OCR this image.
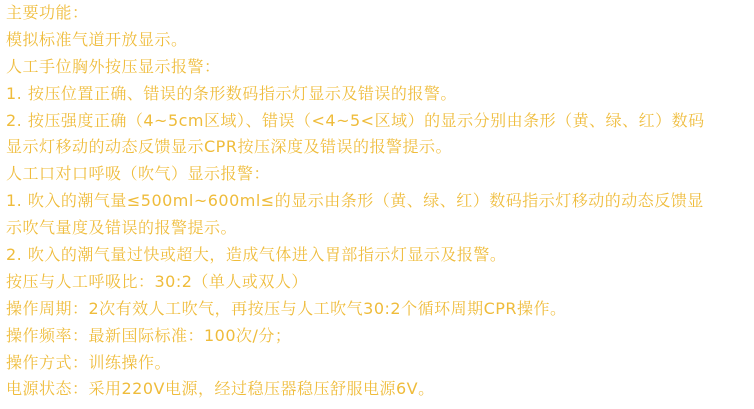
主要功能：
模拟标准气道开放显示。
人工手位胸外按压显示报警：
1. 按压位置正确、错误的条形数码指示灯显示及错误的报警。
2. 按压强度正确（4~5cm区域）、错误（<4~5<区域）的显示分别由条形（黄、绿、红）数码
显示灯移动的动态反馈显示CPR按压深度及错误的报警提示。
人工口对口呼吸（吹气）显示报警：
1. 吹入的潮气量≤500ml~600ml≤的显示由条形（黄、绿、红）数码指示灯移动的动态反馈显
示吹气量度及错误的报警提示。
2. 吹入的潮气量过快或超大，造成气体进入胃部指示灯显示及报警。
按压与人工呼吸比：30:2（单人或双人）
操作周期：2次有效人工吹气，再按压与人工吹气30:2个循环周期CPR操作。
操作频率：最新国际标准：100次/分；
操作方式：训练操作。
电源状态：采用220V电源，经过稳压器稳压舒服电源6V。
